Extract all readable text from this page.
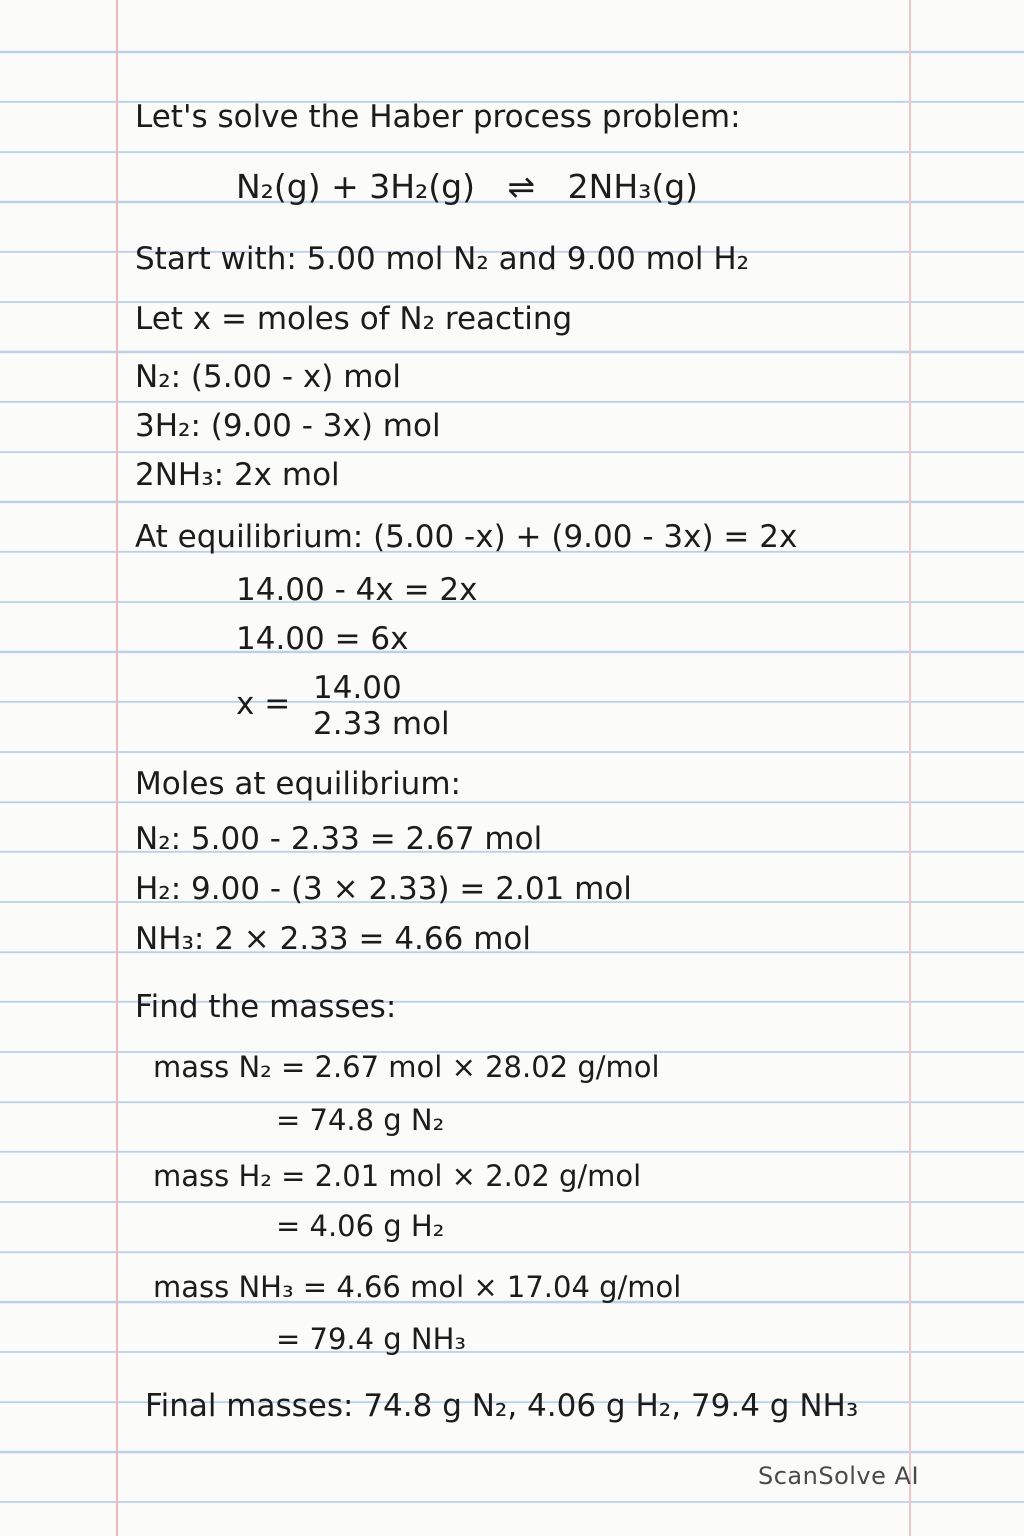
Let's solve the Haber process problem:
N₂(g) + 3H₂(g) ⇌ 2NH₃(g)
Start with: 5.00 mol N₂ and 9.00 mol H₂
Let x = moles of N₂ reacting
N₂: (5.00 - x) mol
3H₂: (9.00 - 3x) mol
2NH₃: 2x mol
At equilibrium: (5.00 -x) + (9.00 - 3x) = 2x
14.00 - 4x = 2x
14.00 = 6x
x = 14.00
2.33 mol
Moles at equilibrium:
N₂: 5.00 - 2.33 = 2.67 mol
H₂: 9.00 - (3 × 2.33) = 2.01 mol
NH₃: 2 × 2.33 = 4.66 mol
Find the masses:
mass N₂ = 2.67 mol × 28.02 g/mol
= 74.8 g N₂
mass H₂ = 2.01 mol × 2.02 g/mol
= 4.06 g H₂
mass NH₃ = 4.66 mol × 17.04 g/mol
= 79.4 g NH₃
Final masses: 74.8 g N₂, 4.06 g H₂, 79.4 g NH₃
ScanSolve AI
